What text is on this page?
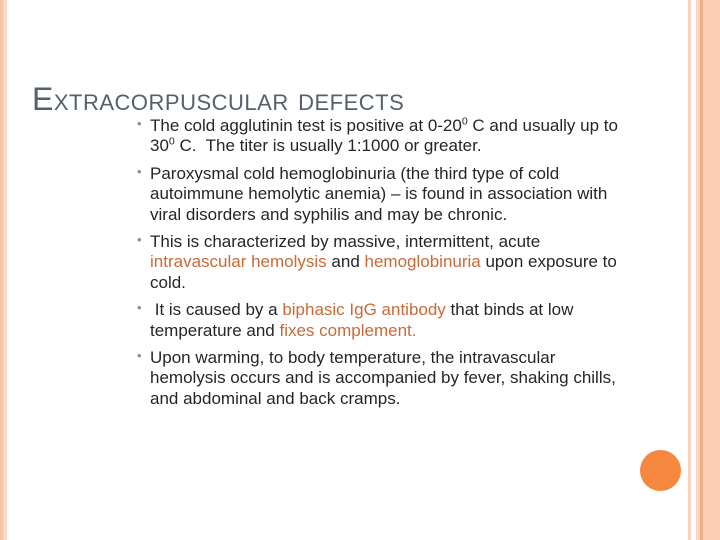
Extracorpuscular defects
• The cold agglutinin test is positive at $0-20^0$ C and usually up to $30^0$ C.  The titer is usually 1:1000 or greater.
• Paroxysmal cold hemoglobinuria (the third type of cold autoimmune hemolytic anemia) – is found in association with viral disorders and syphilis and may be chronic.
• This is characterized by massive, intermittent, acute intravascular hemolysis and hemoglobinuria upon exposure to cold.
•  It is caused by a biphasic IgG antibody that binds at low temperature and fixes complement.
• Upon warming, to body temperature, the intravascular hemolysis occurs and is accompanied by fever, shaking chills, and abdominal and back cramps.
